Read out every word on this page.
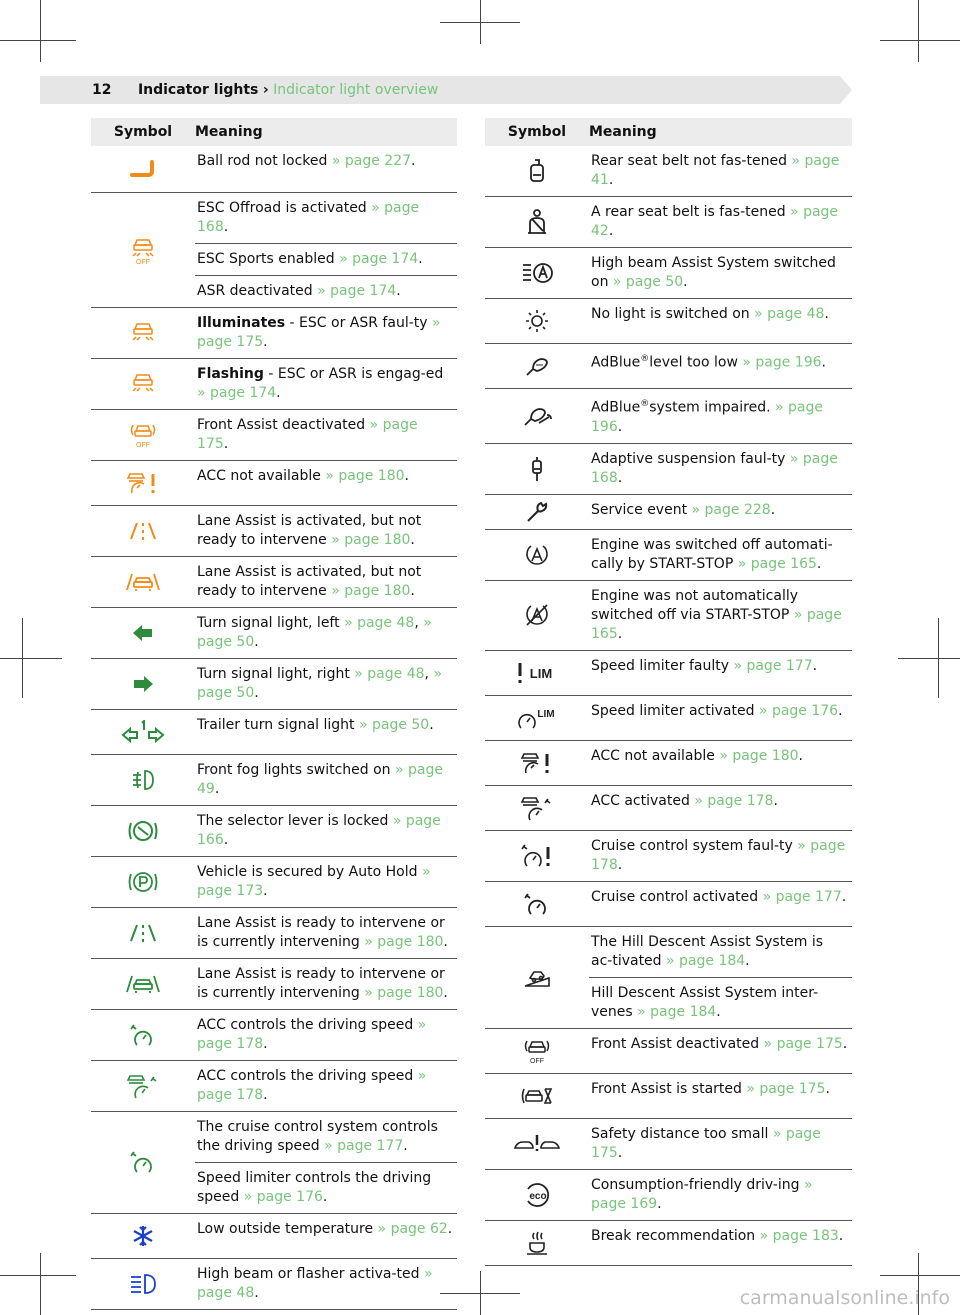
12 Indicator lights › Indicator light overview
Symbol	Meaning

	Ball rod not locked » page 227.

OFF	ESC Offroad is activated » page 168.
	ESC Sports enabled » page 174.
	ASR deactivated » page 174.

	Illuminates - ESC or ASR faul-ty » page 175.

	Flashing - ESC or ASR is engag-ed » page 174.

OFF	Front Assist deactivated » page 175.

	ACC not available » page 180.

	Lane Assist is activated, but not ready to intervene » page 180.

	Lane Assist is activated, but not ready to intervene » page 180.

	Turn signal light, left » page 48, » page 50.

	Turn signal light, right » page 48, » page 50.

	Trailer turn signal light » page 50.

	Front fog lights switched on » page 49.

	The selector lever is locked » page 166.

	Vehicle is secured by Auto Hold » page 173.

	Lane Assist is ready to intervene or is currently intervening » page 180.

	Lane Assist is ready to intervene or is currently intervening » page 180.

	ACC controls the driving speed » page 178.

	ACC controls the driving speed » page 178.

	The cruise control system controls the driving speed » page 177.
	Speed limiter controls the driving speed » page 176.

	Low outside temperature » page 62.

	High beam or flasher activa-ted » page 48.
Symbol	Meaning

	Rear seat belt not fas-tened » page 41.

	A rear seat belt is fas-tened » page 42.

	High beam Assist System switched on » page 50.

	No light is switched on » page 48.

	AdBlue®level too low » page 196.

	AdBlue®system impaired. » page 196.

	Adaptive suspension faul-ty » page 168.

	Service event » page 228.

	Engine was switched off automati-cally by START-STOP » page 165.

	Engine was not automatically switched off via START-STOP » page 165.

LIM	Speed limiter faulty » page 177.

LIM	Speed limiter activated » page 176.

	ACC not available » page 180.

	ACC activated » page 178.

	Cruise control system faul-ty » page 178.

	Cruise control activated » page 177.

	The Hill Descent Assist System is ac-tivated » page 184.
	Hill Descent Assist System inter-venes » page 184.

OFF	Front Assist deactivated » page 175.

	Front Assist is started » page 175.

	Safety distance too small » page 175.

eco	Consumption-friendly driv-ing » page 169.

	Break recommendation » page 183.
carmanualsonline.info
